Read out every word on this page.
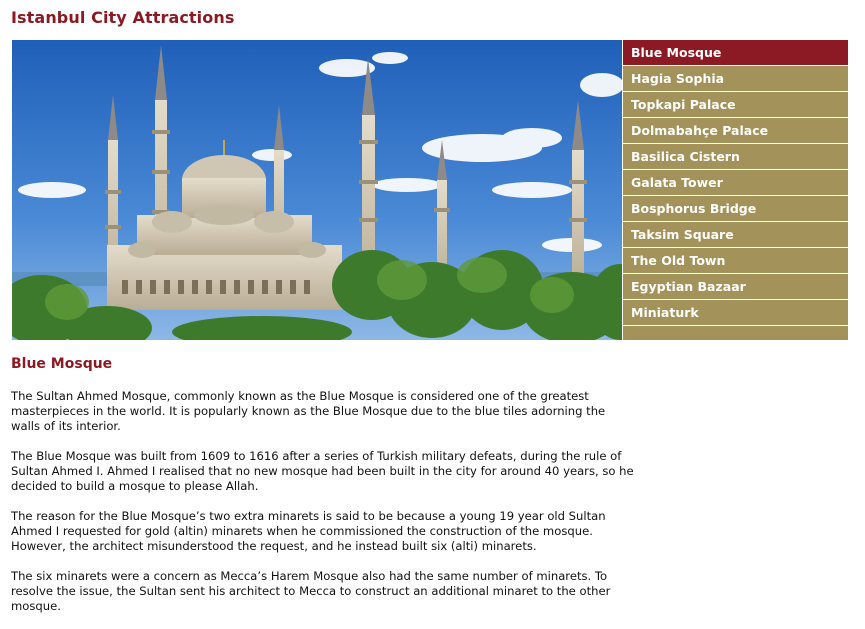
Istanbul City Attractions
Blue Mosque
Hagia Sophia
Topkapi Palace
Dolmabahçe Palace
Basilica Cistern
Galata Tower
Bosphorus Bridge
Taksim Square
The Old Town
Egyptian Bazaar
Miniaturk
Blue Mosque

The Sultan Ahmed Mosque, commonly known as the Blue Mosque is considered one of the greatest masterpieces in the world. It is popularly known as the Blue Mosque due to the blue tiles adorning the walls of its interior.

The Blue Mosque was built from 1609 to 1616 after a series of Turkish military defeats, during the rule of Sultan Ahmed I. Ahmed I realised that no new mosque had been built in the city for around 40 years, so he decided to build a mosque to please Allah.

The reason for the Blue Mosque’s two extra minarets is said to be because a young 19 year old Sultan Ahmed I requested for gold (altin) minarets when he commissioned the construction of the mosque. However, the architect misunderstood the request, and he instead built six (alti) minarets.

The six minarets were a concern as Mecca’s Harem Mosque also had the same number of minarets. To resolve the issue, the Sultan sent his architect to Mecca to construct an additional minaret to the other mosque.
